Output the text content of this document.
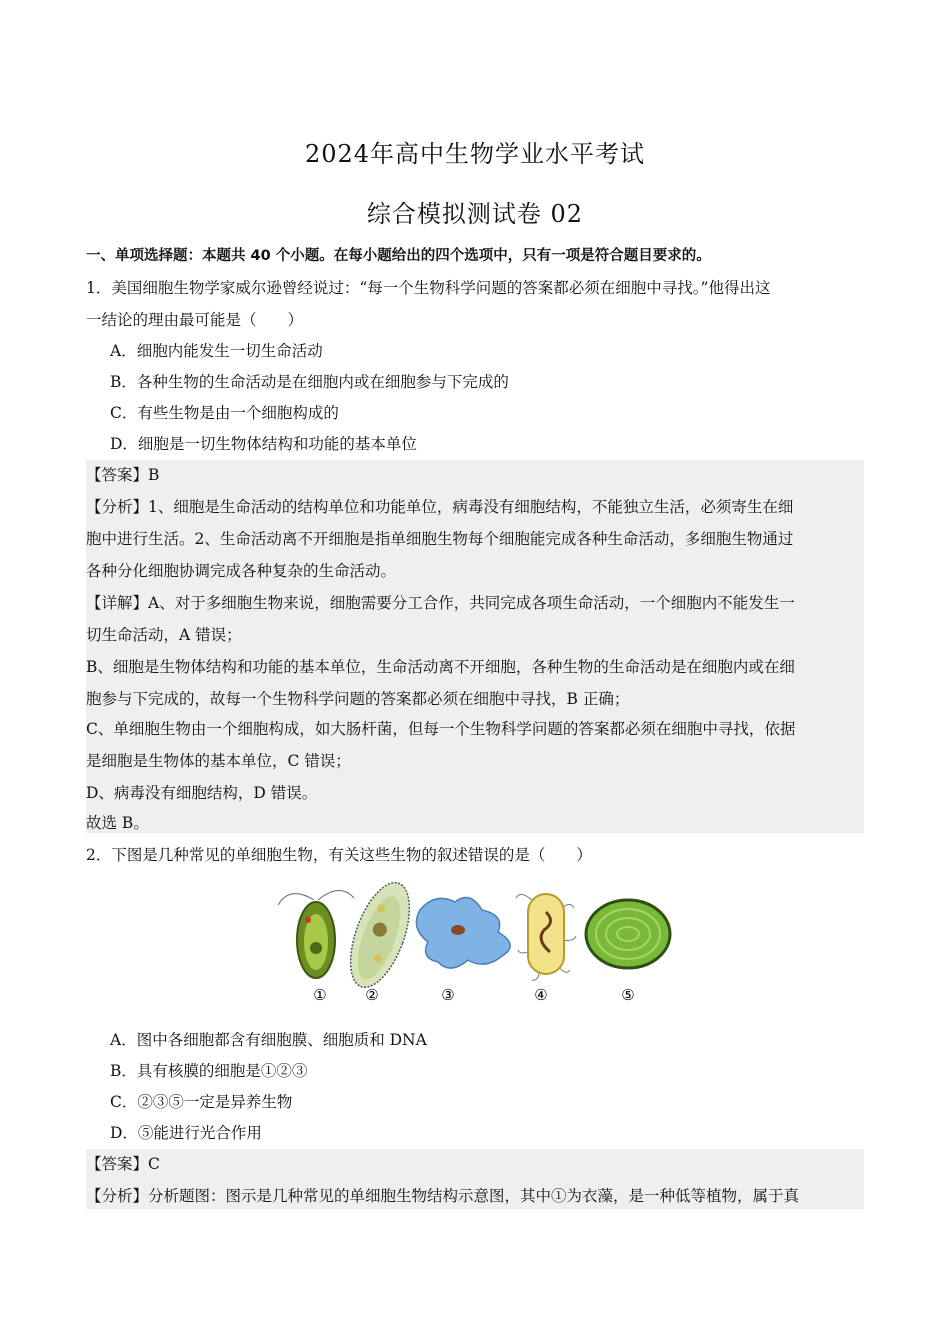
2024年高中生物学业水平考试
综合模拟测试卷 02
一、单项选择题：本题共 40 个小题。在每小题给出的四个选项中，只有一项是符合题目要求的。
1．美国细胞生物学家威尔逊曾经说过：“每一个生物科学问题的答案都必须在细胞中寻找。”他得出这
一结论的理由最可能是（　　）
A．细胞内能发生一切生命活动
B．各种生物的生命活动是在细胞内或在细胞参与下完成的
C．有些生物是由一个细胞构成的
D．细胞是一切生物体结构和功能的基本单位
【答案】B
【分析】1、细胞是生命活动的结构单位和功能单位，病毒没有细胞结构，不能独立生活，必须寄生在细
胞中进行生活。2、生命活动离不开细胞是指单细胞生物每个细胞能完成各种生命活动，多细胞生物通过
各种分化细胞协调完成各种复杂的生命活动。
【详解】A、对于多细胞生物来说，细胞需要分工合作，共同完成各项生命活动，一个细胞内不能发生一
切生命活动，A 错误；
B、细胞是生物体结构和功能的基本单位，生命活动离不开细胞，各种生物的生命活动是在细胞内或在细
胞参与下完成的，故每一个生物科学问题的答案都必须在细胞中寻找，B 正确；
C、单细胞生物由一个细胞构成，如大肠杆菌，但每一个生物科学问题的答案都必须在细胞中寻找，依据
是细胞是生物体的基本单位，C 错误；
D、病毒没有细胞结构，D 错误。
故选 B。
2．下图是几种常见的单细胞生物，有关这些生物的叙述错误的是（　　）
①	②	③	④	⑤
A．图中各细胞都含有细胞膜、细胞质和 DNA
B．具有核膜的细胞是①②③
C．②③⑤一定是异养生物
D．⑤能进行光合作用
【答案】C
【分析】分析题图：图示是几种常见的单细胞生物结构示意图，其中①为衣藻，是一种低等植物，属于真
